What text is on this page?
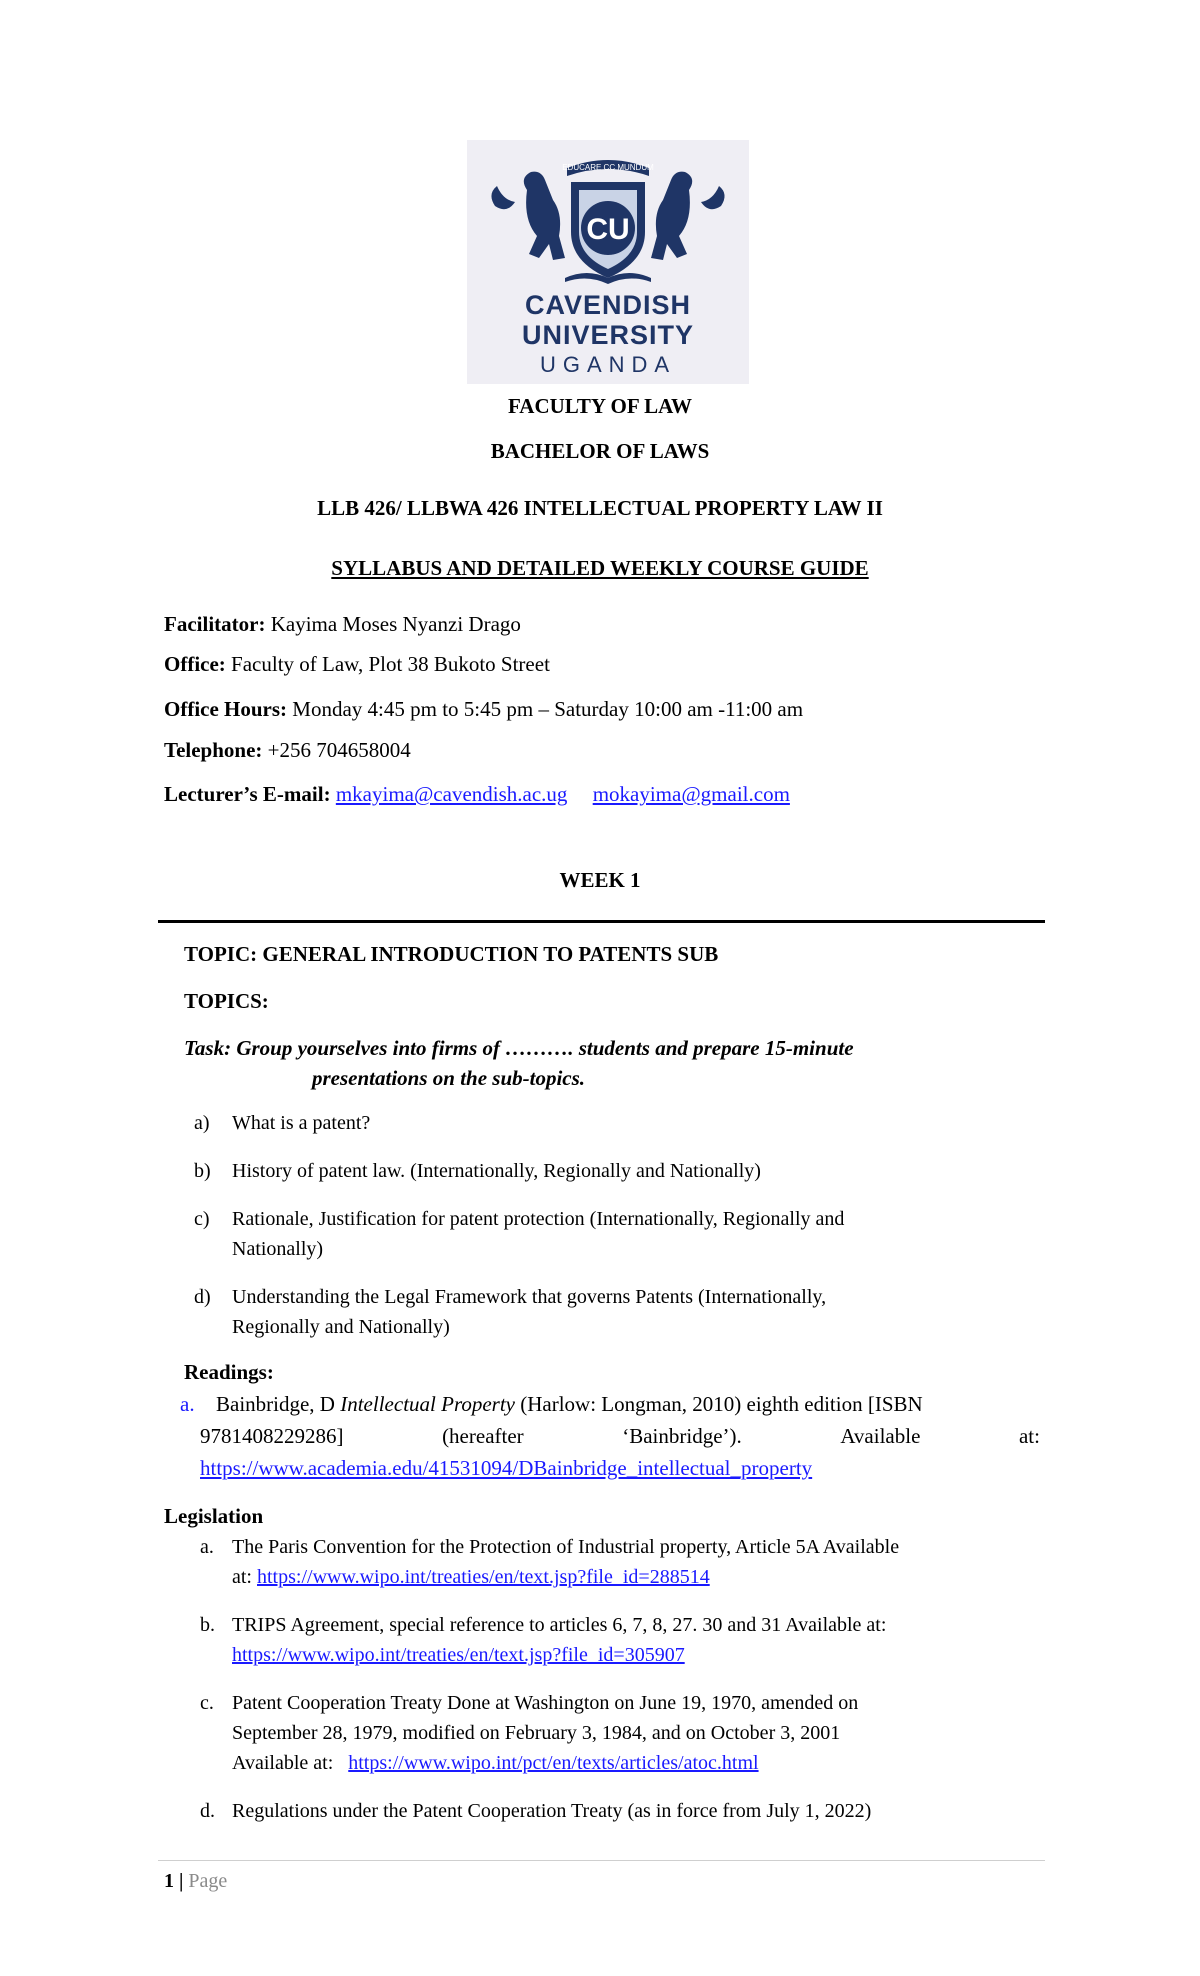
EDUCARE CC MUNDUM
CU
CAVENDISH
UNIVERSITY
UGANDA
FACULTY OF LAW
BACHELOR OF LAWS
LLB 426/ LLBWA 426 INTELLECTUAL PROPERTY LAW II
SYLLABUS AND DETAILED WEEKLY COURSE GUIDE
Facilitator: Kayima Moses Nyanzi Drago
Office: Faculty of Law, Plot 38 Bukoto Street
Office Hours: Monday 4:45 pm to 5:45 pm – Saturday 10:00 am -11:00 am
Telephone: +256 704658004
Lecturer’s E-mail: mkayima@cavendish.ac.ug mokayima@gmail.com
WEEK 1
TOPIC: GENERAL INTRODUCTION TO PATENTS SUB
TOPICS:
Task: Group yourselves into firms of ………. students and prepare 15-minute
presentations on the sub-topics.
a) What is a patent?
b) History of patent law. (Internationally, Regionally and Nationally)
c) Rationale, Justification for patent protection (Internationally, Regionally and
Nationally)
d) Understanding the Legal Framework that governs Patents (Internationally,
Regionally and Nationally)
Readings:
a. Bainbridge, D Intellectual Property (Harlow: Longman, 2010) eighth edition [ISBN
9781408229286]	(hereafter	‘Bainbridge’).	Available	at:
https://www.academia.edu/41531094/DBainbridge_intellectual_property
Legislation
a. The Paris Convention for the Protection of Industrial property, Article 5A Available
at: https://www.wipo.int/treaties/en/text.jsp?file_id=288514
b. TRIPS Agreement, special reference to articles 6, 7, 8, 27. 30 and 31 Available at:
https://www.wipo.int/treaties/en/text.jsp?file_id=305907
c. Patent Cooperation Treaty Done at Washington on June 19, 1970, amended on
September 28, 1979, modified on February 3, 1984, and on October 3, 2001
Available at:   https://www.wipo.int/pct/en/texts/articles/atoc.html
d. Regulations under the Patent Cooperation Treaty (as in force from July 1, 2022)
1 | Page
